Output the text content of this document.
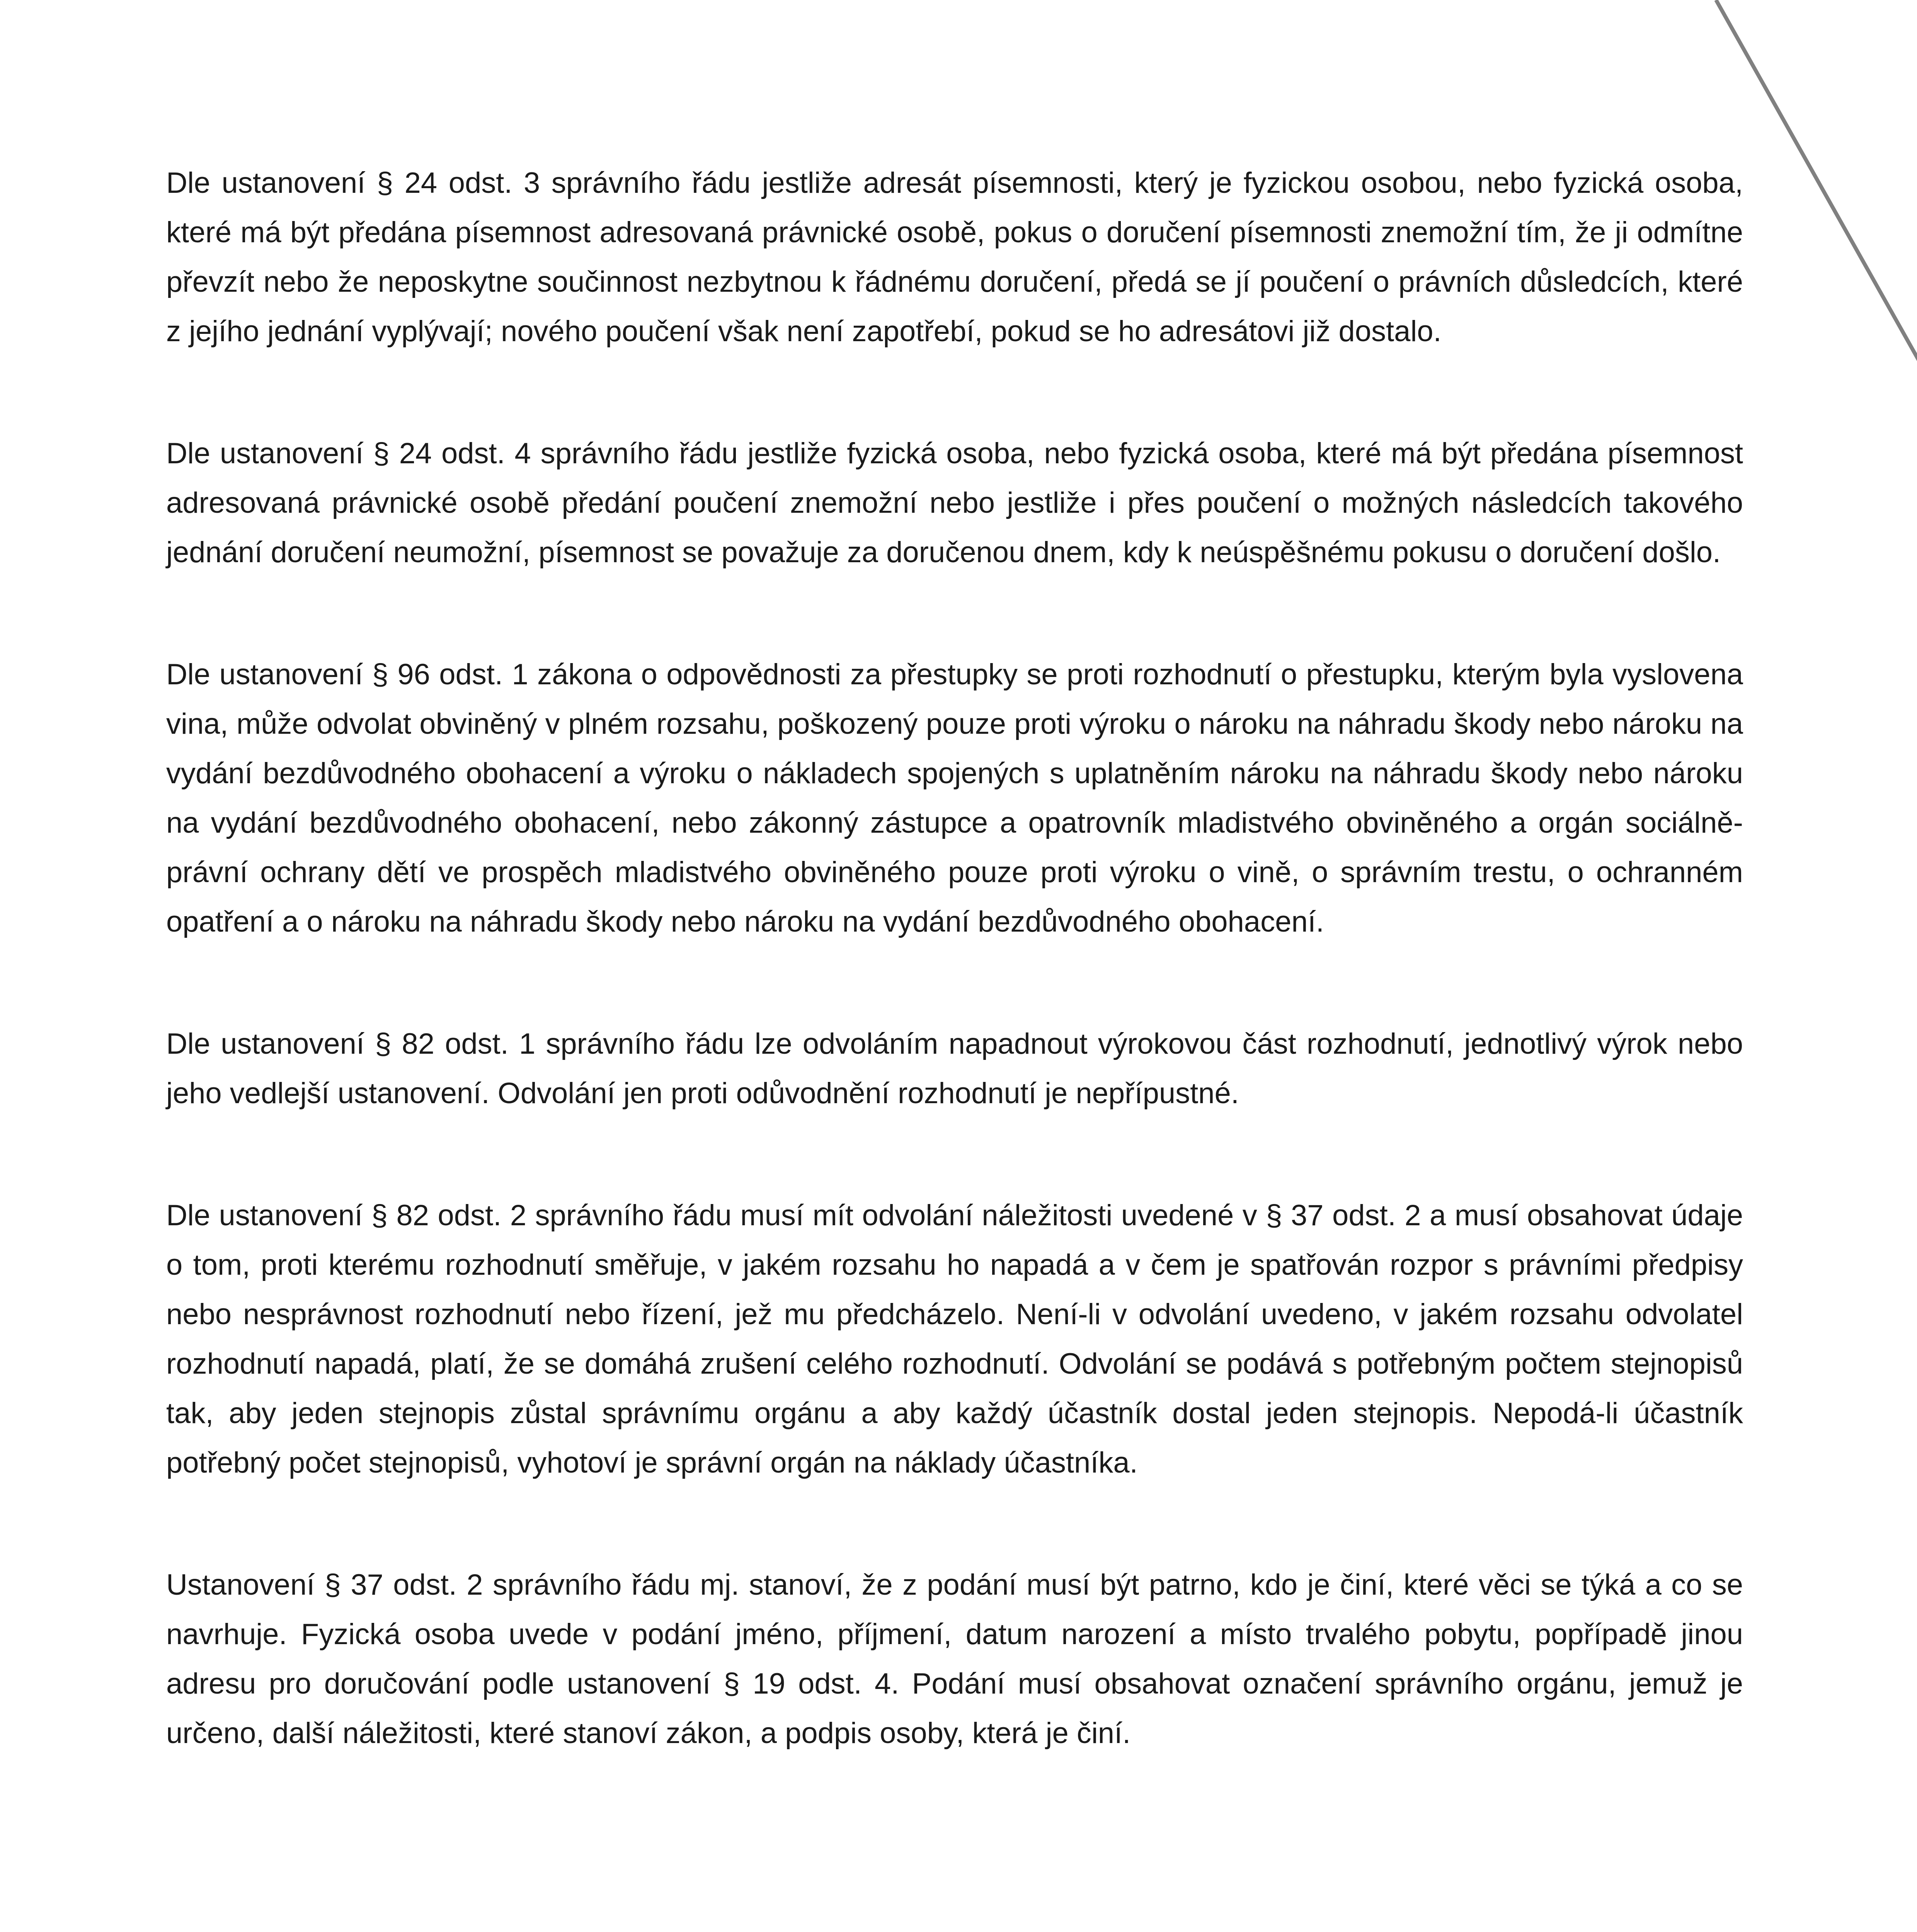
Dle ustanovení § 24 odst. 3 správního řádu jestliže adresát písemnosti, který je fyzickou osobou, nebo fyzická osoba, které má být předána písemnost adresovaná právnické osobě, pokus o doručení písemnosti znemožní tím, že ji odmítne převzít nebo že neposkytne součinnost nezbytnou k řádnému doručení, předá se jí poučení o právních důsledcích, které z jejího jednání vyplývají; nového poučení však není zapotřebí, pokud se ho adresátovi již dostalo.

Dle ustanovení § 24 odst. 4 správního řádu jestliže fyzická osoba, nebo fyzická osoba, které má být předána písemnost adresovaná právnické osobě předání poučení znemožní nebo jestliže i přes poučení o možných následcích takového jednání doručení neumožní, písemnost se považuje za doručenou dnem, kdy k neúspěšnému pokusu o doručení došlo.

Dle ustanovení § 96 odst. 1 zákona o odpovědnosti za přestupky se proti rozhodnutí o přestupku, kterým byla vyslovena vina, může odvolat obviněný v plném rozsahu, poškozený pouze proti výroku o nároku na náhradu škody nebo nároku na vydání bezdůvodného obohacení a výroku o nákladech spojených s uplatněním nároku na náhradu škody nebo nároku na vydání bezdůvodného obohacení, nebo zákonný zástupce a opatrovník mladistvého obviněného a orgán sociálně-právní ochrany dětí ve prospěch mladistvého obviněného pouze proti výroku o vině, o správním trestu, o ochranném opatření a o nároku na náhradu škody nebo nároku na vydání bezdůvodného obohacení.

Dle ustanovení § 82 odst. 1 správního řádu lze odvoláním napadnout výrokovou část rozhodnutí, jednotlivý výrok nebo jeho vedlejší ustanovení. Odvolání jen proti odůvodnění rozhodnutí je nepřípustné.

Dle ustanovení § 82 odst. 2 správního řádu musí mít odvolání náležitosti uvedené v § 37 odst. 2 a musí obsahovat údaje o tom, proti kterému rozhodnutí směřuje, v jakém rozsahu ho napadá a v čem je spatřován rozpor s právními předpisy nebo nesprávnost rozhodnutí nebo řízení, jež mu předcházelo. Není-li v odvolání uvedeno, v jakém rozsahu odvolatel rozhodnutí napadá, platí, že se domáhá zrušení celého rozhodnutí. Odvolání se podává s potřebným počtem stejnopisů tak, aby jeden stejnopis zůstal správnímu orgánu a aby každý účastník dostal jeden stejnopis. Nepodá-li účastník potřebný počet stejnopisů, vyhotoví je správní orgán na náklady účastníka.

Ustanovení § 37 odst. 2 správního řádu mj. stanoví, že z podání musí být patrno, kdo je činí, které věci se týká a co se navrhuje. Fyzická osoba uvede v podání jméno, příjmení, datum narození a místo trvalého pobytu, popřípadě jinou adresu pro doručování podle ustanovení § 19 odst. 4. Podání musí obsahovat označení správního orgánu, jemuž je určeno, další náležitosti, které stanoví zákon, a podpis osoby, která je činí.
